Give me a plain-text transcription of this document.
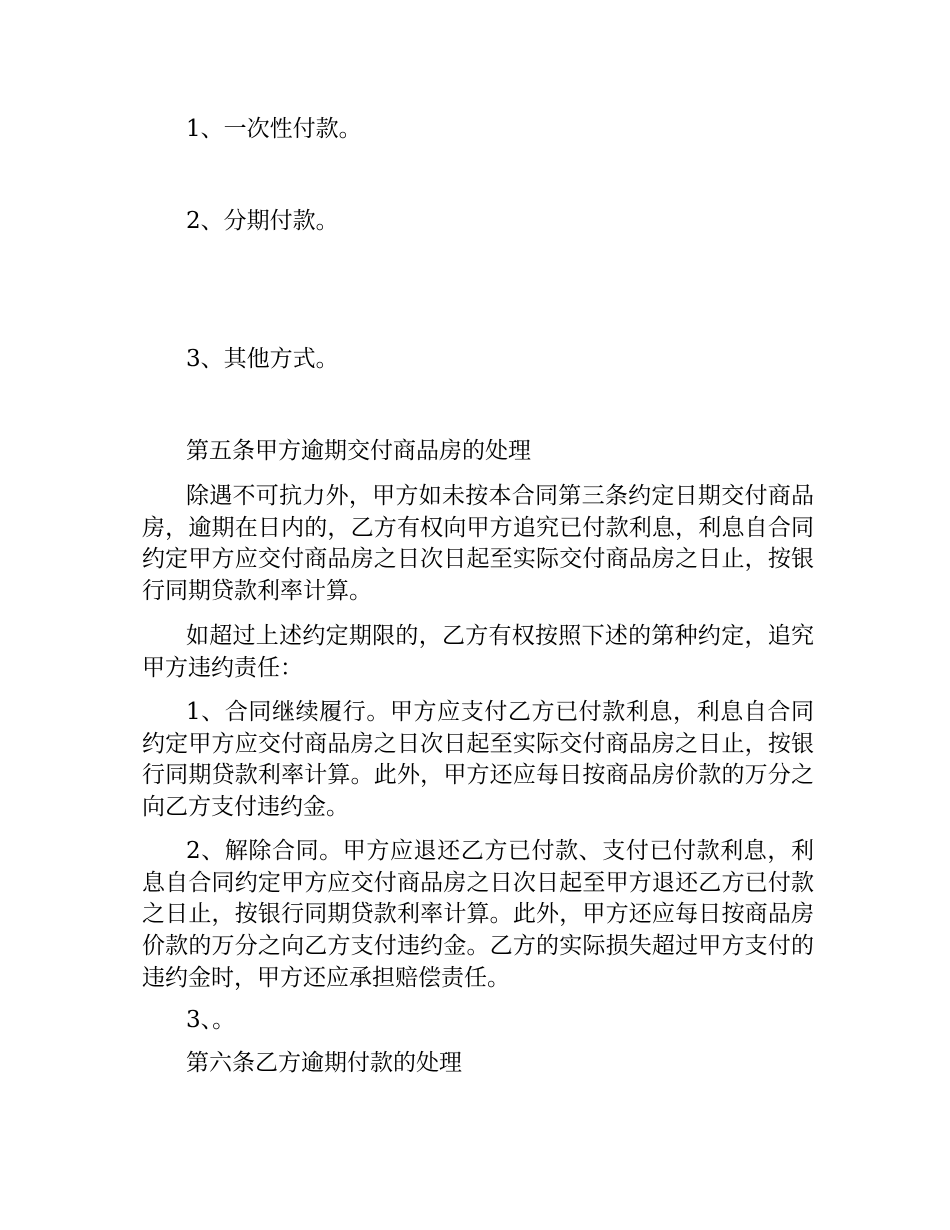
1、一次性付款。
2、分期付款。
3、其他方式。
第五条甲方逾期交付商品房的处理
除遇不可抗力外，甲方如未按本合同第三条约定日期交付商品房，逾期在日内的，乙方有权向甲方追究已付款利息，利息自合同约定甲方应交付商品房之日次日起至实际交付商品房之日止，按银行同期贷款利率计算。
如超过上述约定期限的，乙方有权按照下述的第种约定，追究甲方违约责任：
1、合同继续履行。甲方应支付乙方已付款利息，利息自合同约定甲方应交付商品房之日次日起至实际交付商品房之日止，按银行同期贷款利率计算。此外，甲方还应每日按商品房价款的万分之向乙方支付违约金。
2、解除合同。甲方应退还乙方已付款、支付已付款利息，利息自合同约定甲方应交付商品房之日次日起至甲方退还乙方已付款之日止，按银行同期贷款利率计算。此外，甲方还应每日按商品房价款的万分之向乙方支付违约金。乙方的实际损失超过甲方支付的违约金时，甲方还应承担赔偿责任。
3、。
第六条乙方逾期付款的处理
